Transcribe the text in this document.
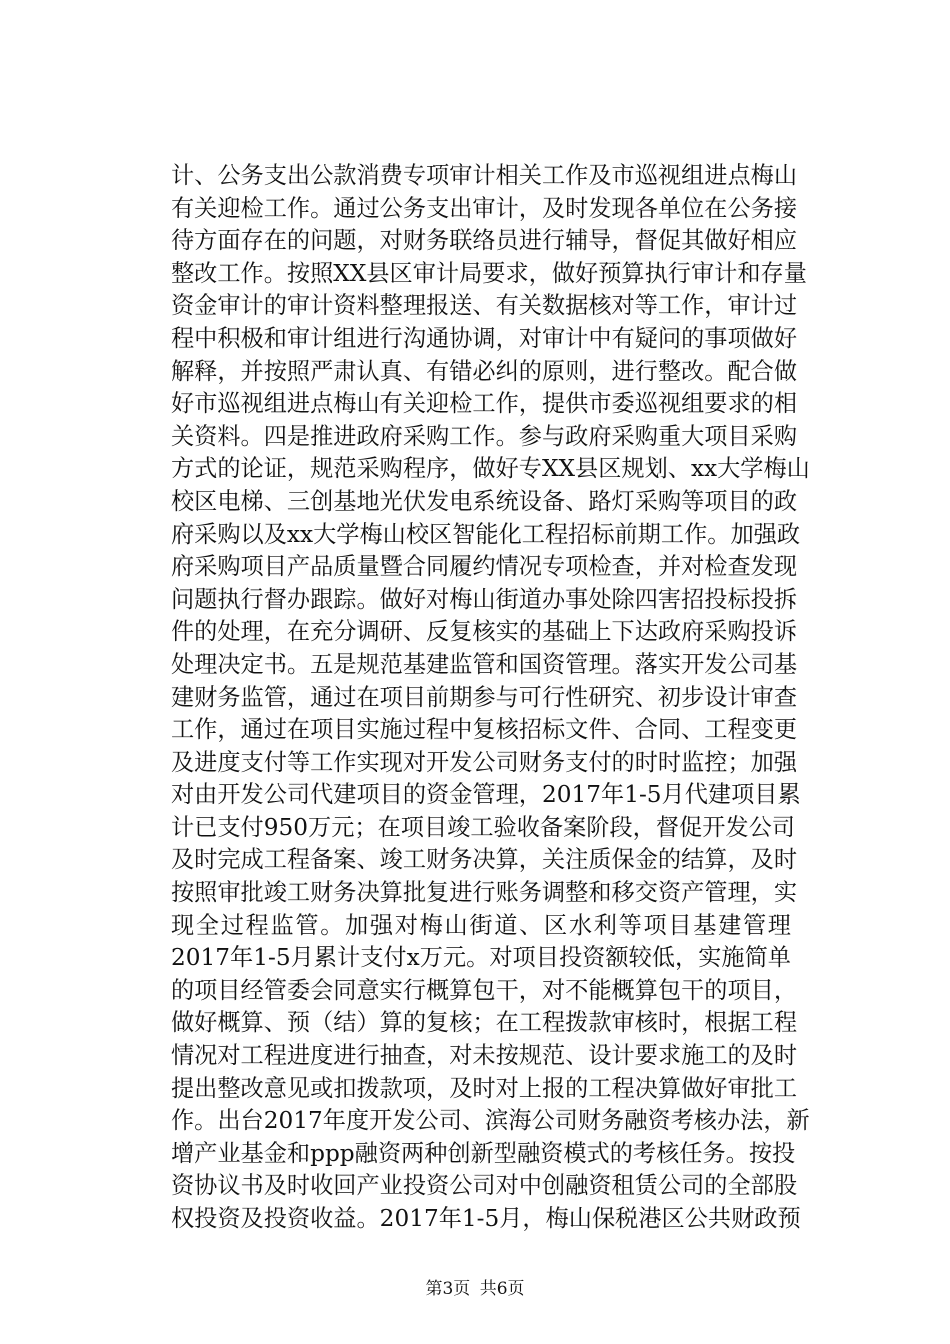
计、公务支出公款消费专项审计相关工作及市巡视组进点梅山
有关迎检工作。通过公务支出审计，及时发现各单位在公务接
待方面存在的问题，对财务联络员进行辅导，督促其做好相应
整改工作。按照XX县区审计局要求，做好预算执行审计和存量
资金审计的审计资料整理报送、有关数据核对等工作，审计过
程中积极和审计组进行沟通协调，对审计中有疑问的事项做好
解释，并按照严肃认真、有错必纠的原则，进行整改。配合做
好市巡视组进点梅山有关迎检工作，提供市委巡视组要求的相
关资料。四是推进政府采购工作。参与政府采购重大项目采购
方式的论证，规范采购程序，做好专XX县区规划、xx大学梅山
校区电梯、三创基地光伏发电系统设备、路灯采购等项目的政
府采购以及xx大学梅山校区智能化工程招标前期工作。加强政
府采购项目产品质量暨合同履约情况专项检查，并对检查发现
问题执行督办跟踪。做好对梅山街道办事处除四害招投标投拆
件的处理，在充分调研、反复核实的基础上下达政府采购投诉
处理决定书。五是规范基建监管和国资管理。落实开发公司基
建财务监管，通过在项目前期参与可行性研究、初步设计审查
工作，通过在项目实施过程中复核招标文件、合同、工程变更
及进度支付等工作实现对开发公司财务支付的时时监控；加强
对由开发公司代建项目的资金管理，2017年1-5月代建项目累
计已支付950万元；在项目竣工验收备案阶段，督促开发公司
及时完成工程备案、竣工财务决算，关注质保金的结算，及时
按照审批竣工财务决算批复进行账务调整和移交资产管理，实
现全过程监管。加强对梅山街道、区水利等项目基建管理
2017年1-5月累计支付x万元。对项目投资额较低，实施简单
的项目经管委会同意实行概算包干，对不能概算包干的项目，
做好概算、预（结）算的复核；在工程拨款审核时，根据工程
情况对工程进度进行抽查，对未按规范、设计要求施工的及时
提出整改意见或扣拨款项，及时对上报的工程决算做好审批工
作。出台2017年度开发公司、滨海公司财务融资考核办法，新
增产业基金和ppp融资两种创新型融资模式的考核任务。按投
资协议书及时收回产业投资公司对中创融资租赁公司的全部股
权投资及投资收益。2017年1-5月，梅山保税港区公共财政预
第3页 共6页
